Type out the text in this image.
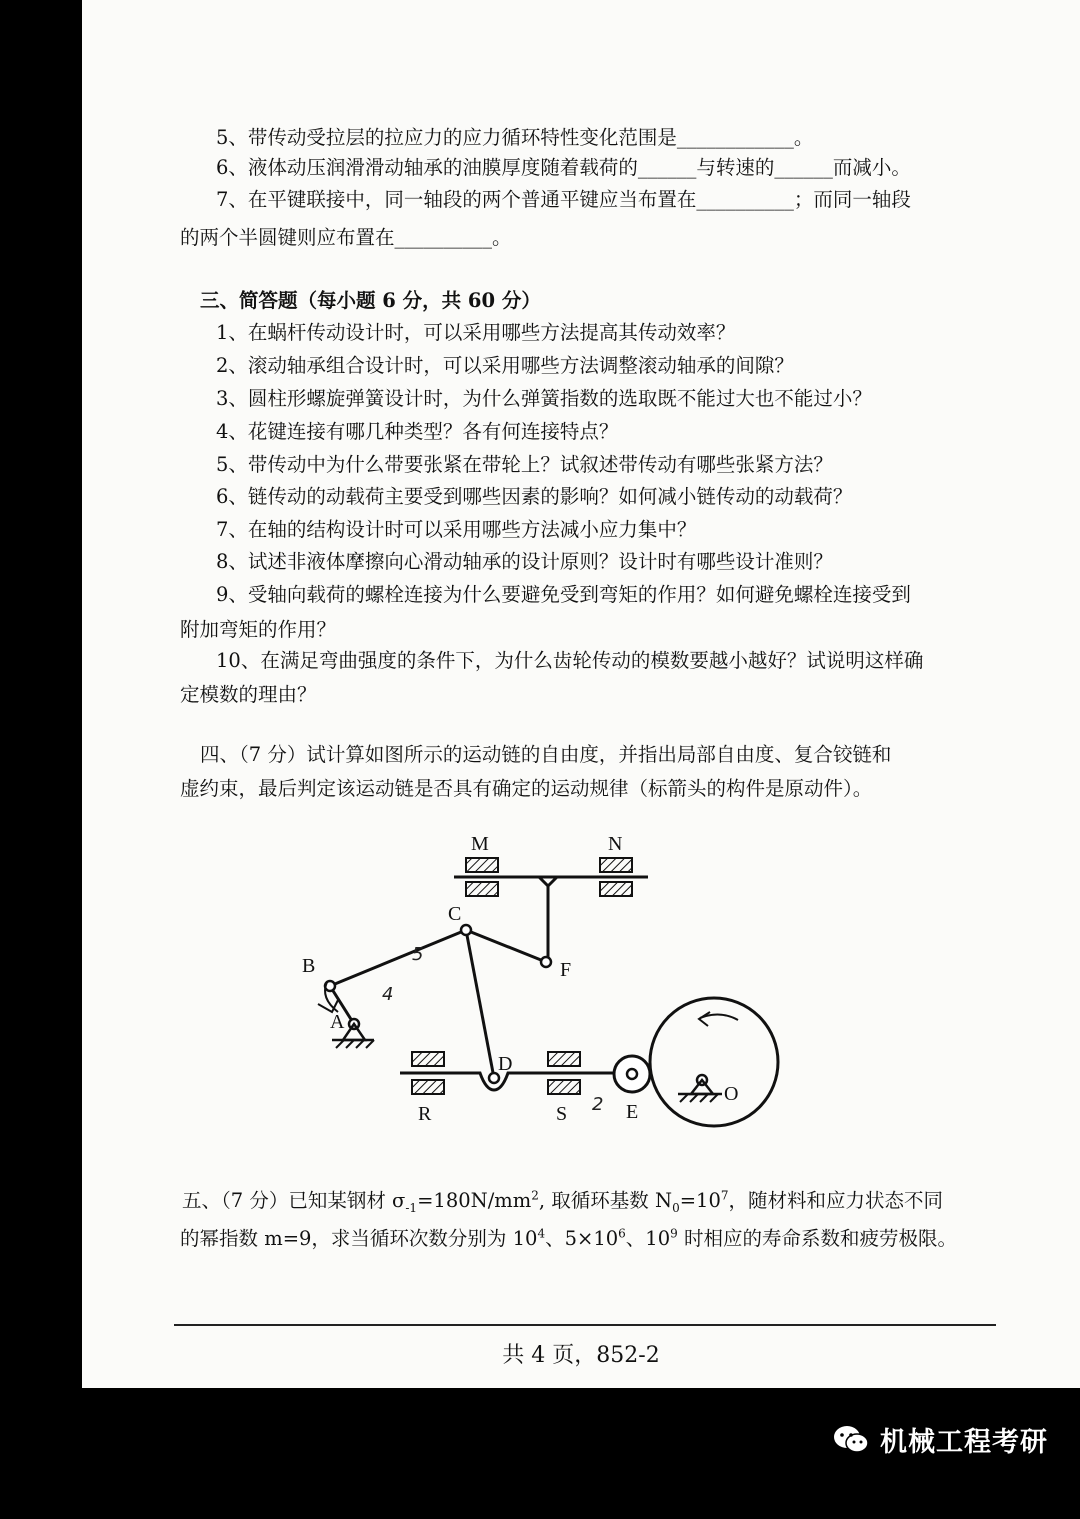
5、带传动受拉层的拉应力的应力循环特性变化范围是____________。
6、液体动压润滑滑动轴承的油膜厚度随着载荷的______与转速的______而减小。
7、在平键联接中，同一轴段的两个普通平键应当布置在__________；而同一轴段
的两个半圆键则应布置在__________。
三、简答题（每小题 6 分，共 60 分）
1、在蜗杆传动设计时，可以采用哪些方法提高其传动效率？
2、滚动轴承组合设计时，可以采用哪些方法调整滚动轴承的间隙？
3、圆柱形螺旋弹簧设计时，为什么弹簧指数的选取既不能过大也不能过小？
4、花键连接有哪几种类型？各有何连接特点？
5、带传动中为什么带要张紧在带轮上？试叙述带传动有哪些张紧方法？
6、链传动的动载荷主要受到哪些因素的影响？如何减小链传动的动载荷？
7、在轴的结构设计时可以采用哪些方法减小应力集中？
8、试述非液体摩擦向心滑动轴承的设计原则？设计时有哪些设计准则？
9、受轴向载荷的螺栓连接为什么要避免受到弯矩的作用？如何避免螺栓连接受到
附加弯矩的作用？
10、在满足弯曲强度的条件下，为什么齿轮传动的模数要越小越好？试说明这样确
定模数的理由？
四、（7 分）试计算如图所示的运动链的自由度，并指出局部自由度、复合铰链和
虚约束，最后判定该运动链是否具有确定的运动规律（标箭头的构件是原动件）。
M	N
C
B	F
A
D
R	S	E
O
5
4
2
五、（7 分）已知某钢材 $\sigma_{-1}=180N/mm^2$, 取循环基数 $N_0=10^7$，随材料和应力状态不同
的幂指数 m=9，求当循环次数分别为 $10^4$、$5\times 10^6$、$10^9$ 时相应的寿命系数和疲劳极限。
共 4 页，852-2
机械工程考研
